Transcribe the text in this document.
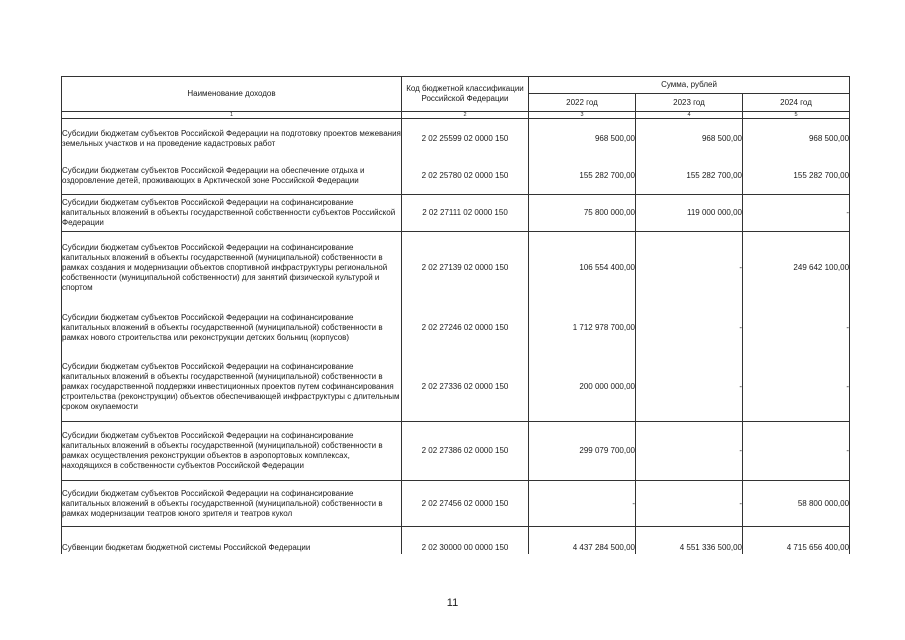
Наименование доходов	Код бюджетной классификации Российской Федерации	Сумма, рублей		
		2022 год	2023 год	2024 год
1	2	3	4	5
Субсидии бюджетам субъектов Российской Федерации на подготовку проектов межевания земельных участков и на проведение кадастровых работ	2 02 25599 02 0000 150	968 500,00	968 500,00	968 500,00
Субсидии бюджетам субъектов Российской Федерации на обеспечение отдыха и оздоровление детей, проживающих в Арктической зоне Российской Федерации	2 02 25780 02 0000 150	155 282 700,00	155 282 700,00	155 282 700,00
Субсидии бюджетам субъектов Российской Федерации на софинансирование капитальных вложений в объекты государственной собственности субъектов Российской Федерации	2 02 27111 02 0000 150	75 800 000,00	119 000 000,00	-
Субсидии бюджетам субъектов Российской Федерации на софинансирование капитальных вложений в объекты государственной (муниципальной) собственности в рамках создания и модернизации объектов спортивной инфраструктуры региональной собственности (муниципальной собственности) для занятий физической культурой и спортом	2 02 27139 02 0000 150	106 554 400,00	-	249 642 100,00
Субсидии бюджетам субъектов Российской Федерации на софинансирование капитальных вложений в объекты государственной (муниципальной) собственности в рамках нового строительства или реконструкции детских больниц (корпусов)	2 02 27246 02 0000 150	1 712 978 700,00	-	-
Субсидии бюджетам субъектов Российской Федерации на софинансирование капитальных вложений в объекты государственной (муниципальной) собственности в рамках государственной поддержки инвестиционных проектов путем софинансирования строительства (реконструкции) объектов обеспечивающей инфраструктуры с длительным сроком окупаемости	2 02 27336 02 0000 150	200 000 000,00	-	-
Субсидии бюджетам субъектов Российской Федерации на софинансирование капитальных вложений в объекты государственной (муниципальной) собственности в рамках осуществления реконструкции объектов в аэропортовых комплексах, находящихся в собственности субъектов Российской Федерации	2 02 27386 02 0000 150	299 079 700,00	-	-
Субсидии бюджетам субъектов Российской Федерации на софинансирование капитальных вложений в объекты государственной (муниципальной) собственности в рамках модернизации театров юного зрителя и театров кукол	2 02 27456 02 0000 150	-	-	58 800 000,00
Субвенции бюджетам бюджетной системы Российской Федерации	2 02 30000 00 0000 150	4 437 284 500,00	4 551 336 500,00	4 715 656 400,00
11
